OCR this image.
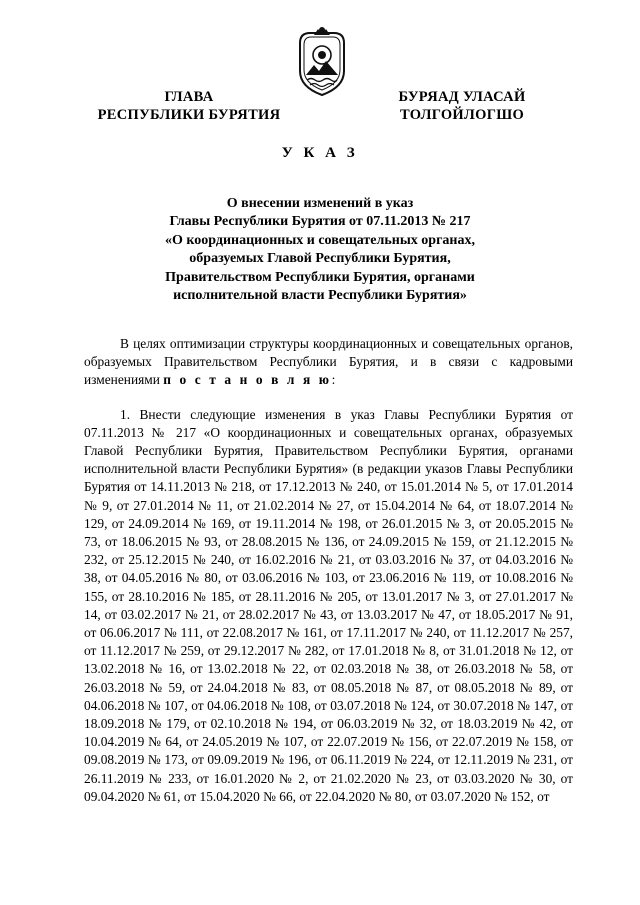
ГЛАВА
РЕСПУБЛИКИ БУРЯТИЯ
БУРЯАД УЛАСАЙ
ТОЛГОЙЛОГШО
У К А З
О внесении изменений в указ
Главы Республики Бурятия от 07.11.2013 № 217
«О координационных и совещательных органах,
образуемых Главой Республики Бурятия,
Правительством Республики Бурятия, органами
исполнительной власти Республики Бурятия»

В целях оптимизации структуры координационных и совещательных органов, образуемых Правительством Республики Бурятия, и в связи с кадровыми изменениями п о с т а н о в л я ю:

1. Внести следующие изменения в указ Главы Республики Бурятия от 07.11.2013 № 217 «О координационных и совещательных органах, образуемых Главой Республики Бурятия, Правительством Республики Бурятия, органами исполнительной власти Республики Бурятия» (в редакции указов Главы Республики Бурятия от 14.11.2013 № 218, от 17.12.2013 № 240, от 15.01.2014 № 5, от 17.01.2014 № 9, от 27.01.2014 № 11, от 21.02.2014 № 27, от 15.04.2014 № 64, от 18.07.2014 № 129, от 24.09.2014 № 169, от 19.11.2014 № 198, от 26.01.2015 № 3, от 20.05.2015 № 73, от 18.06.2015 № 93, от 28.08.2015 № 136, от 24.09.2015 № 159, от 21.12.2015 № 232, от 25.12.2015 № 240, от 16.02.2016 № 21, от 03.03.2016 № 37, от 04.03.2016 № 38, от 04.05.2016 № 80, от 03.06.2016 № 103, от 23.06.2016 № 119, от 10.08.2016 № 155, от 28.10.2016 № 185, от 28.11.2016 № 205, от 13.01.2017 № 3, от 27.01.2017 № 14, от 03.02.2017 № 21, от 28.02.2017 № 43, от 13.03.2017 № 47, от 18.05.2017 № 91, от 06.06.2017 № 111, от 22.08.2017 № 161, от 17.11.2017 № 240, от 11.12.2017 № 257, от 11.12.2017 № 259, от 29.12.2017 № 282, от 17.01.2018 № 8, от 31.01.2018 № 12, от 13.02.2018 № 16, от 13.02.2018 № 22, от 02.03.2018 № 38, от 26.03.2018 № 58, от 26.03.2018 № 59, от 24.04.2018 № 83, от 08.05.2018 № 87, от 08.05.2018 № 89, от 04.06.2018 № 107, от 04.06.2018 № 108, от 03.07.2018 № 124, от 30.07.2018 № 147, от 18.09.2018 № 179, от 02.10.2018 № 194, от 06.03.2019 № 32, от 18.03.2019 № 42, от 10.04.2019 № 64, от 24.05.2019 № 107, от 22.07.2019 № 156, от 22.07.2019 № 158, от 09.08.2019 № 173, от 09.09.2019 № 196, от 06.11.2019 № 224, от 12.11.2019 № 231, от 26.11.2019 № 233, от 16.01.2020 № 2, от 21.02.2020 № 23, от 03.03.2020 № 30, от 09.04.2020 № 61, от 15.04.2020 № 66, от 22.04.2020 № 80, от 03.07.2020 № 152, от
